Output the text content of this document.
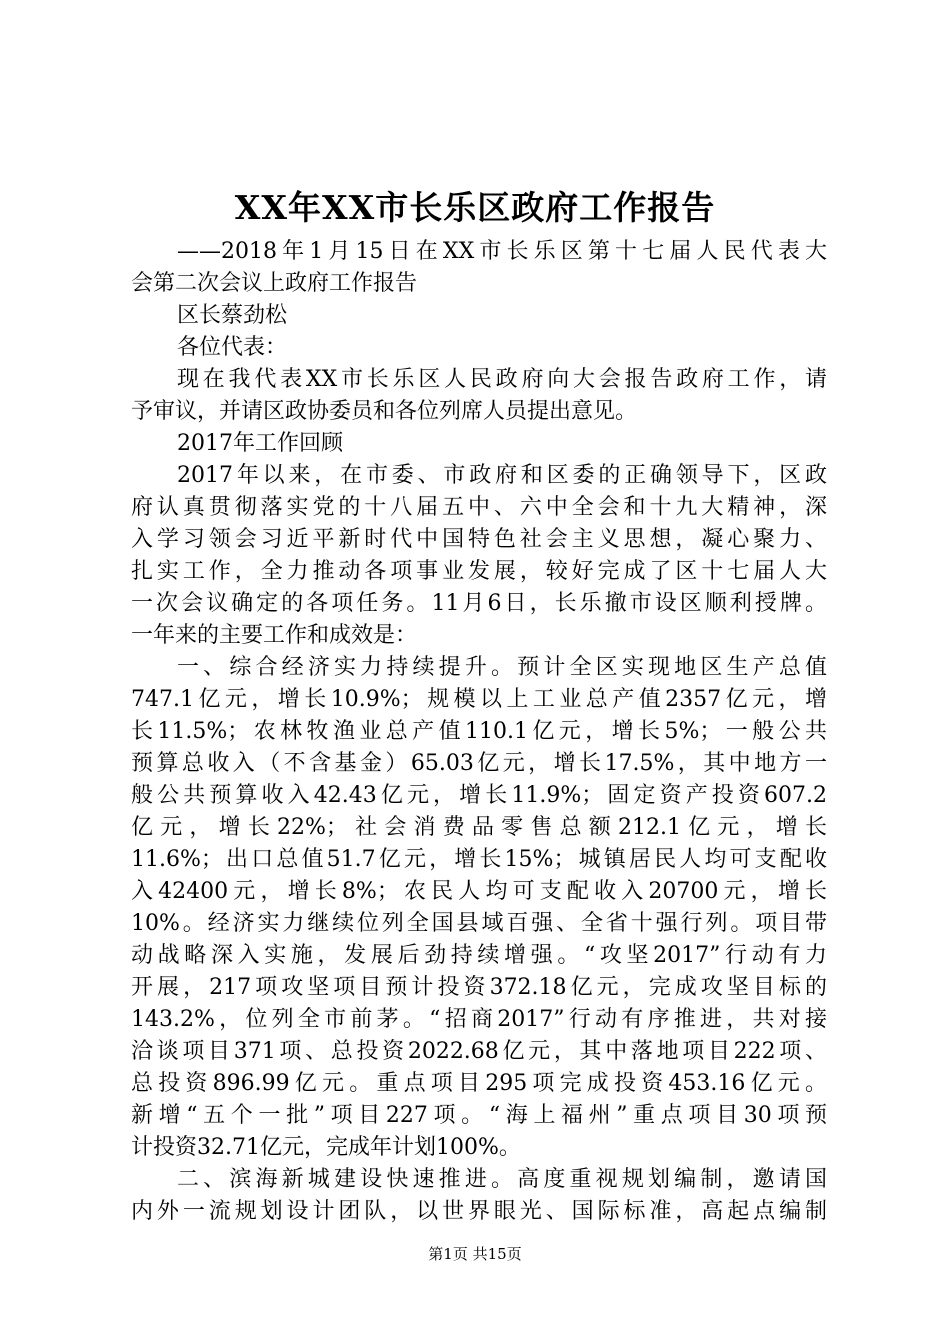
XX年XX市长乐区政府工作报告
——2018年1月15日在XX市长乐区第十七届人民代表大
会第二次会议上政府工作报告
区长蔡劲松
各位代表：
现在我代表XX市长乐区人民政府向大会报告政府工作，请
予审议，并请区政协委员和各位列席人员提出意见。
2017年工作回顾
2017年以来，在市委、市政府和区委的正确领导下，区政
府认真贯彻落实党的十八届五中、六中全会和十九大精神，深
入学习领会习近平新时代中国特色社会主义思想，凝心聚力、
扎实工作，全力推动各项事业发展，较好完成了区十七届人大
一次会议确定的各项任务。11月6日，长乐撤市设区顺利授牌。
一年来的主要工作和成效是：
一、综合经济实力持续提升。预计全区实现地区生产总值
747.1亿元，增长10.9%；规模以上工业总产值2357亿元，增
长11.5%；农林牧渔业总产值110.1亿元，增长5%；一般公共
预算总收入（不含基金）65.03亿元，增长17.5%，其中地方一
般公共预算收入42.43亿元，增长11.9%；固定资产投资607.2
亿元，增长22%；社会消费品零售总额212.1亿元，增长
11.6%；出口总值51.7亿元，增长15%；城镇居民人均可支配收
入42400元，增长8%；农民人均可支配收入20700元，增长
10%。经济实力继续位列全国县域百强、全省十强行列。项目带
动战略深入实施，发展后劲持续增强。“攻坚2017”行动有力
开展，217项攻坚项目预计投资372.18亿元，完成攻坚目标的
143.2%，位列全市前茅。“招商2017”行动有序推进，共对接
洽谈项目371项、总投资2022.68亿元，其中落地项目222项、
总投资896.99亿元。重点项目295项完成投资453.16亿元。
新增“五个一批”项目227项。“海上福州”重点项目30项预
计投资32.71亿元，完成年计划100%。
二、滨海新城建设快速推进。高度重视规划编制，邀请国
内外一流规划设计团队，以世界眼光、国际标准，高起点编制
第1页 共15页
